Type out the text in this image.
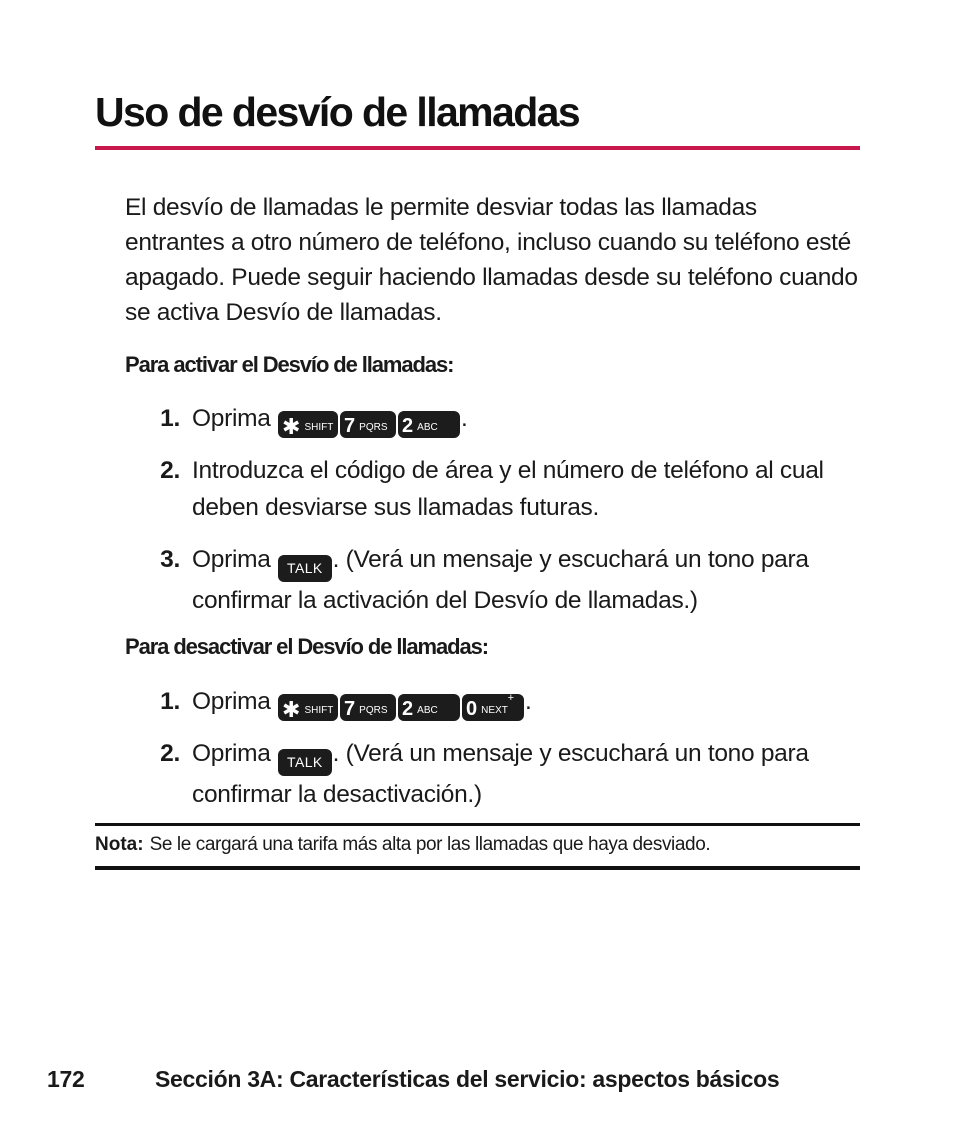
Uso de desvío de llamadas

El desvío de llamadas le permite desviar todas las llamadas entrantes a otro número de teléfono, incluso cuando su teléfono esté apagado. Puede seguir haciendo llamadas desde su teléfono cuando se activa Desvío de llamadas.

Para activar el Desvío de llamadas:
1. Oprima ✱ SHIFT 7 PQRS 2 ABC .
2. Introduzca el código de área y el número de teléfono al cual deben desviarse sus llamadas futuras.
3. Oprima TALK . (Verá un mensaje y escuchará un tono para confirmar la activación del Desvío de llamadas.)
Para desactivar el Desvío de llamadas:
1. Oprima ✱ SHIFT 7 PQRS 2 ABC
+
0 NEXT .
2. Oprima TALK . (Verá un mensaje y escuchará un tono para confirmar la desactivación.)
Nota: Se le cargará una tarifa más alta por las llamadas que haya desviado.
172	Sección 3A: Características del servicio: aspectos básicos
